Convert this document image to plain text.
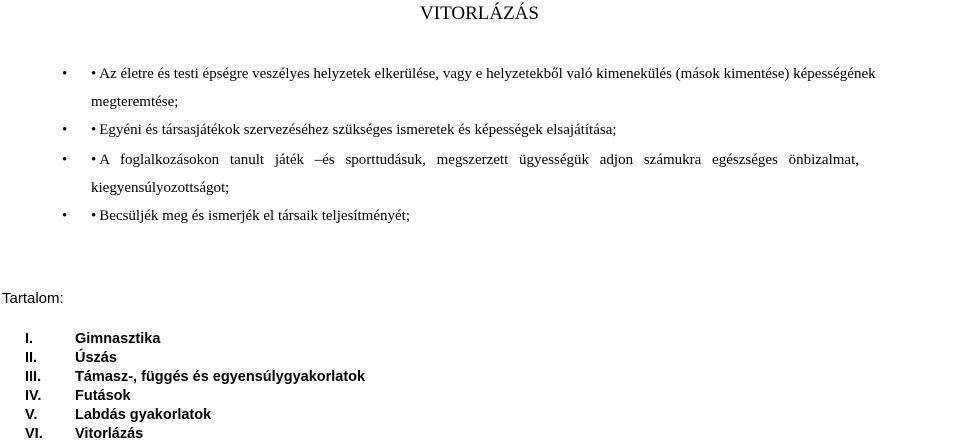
VITORLÁZÁS
• • Az életre és testi épségre veszélyes helyzetek elkerülése, vagy e helyzetekből való kimenekülés (mások kimentése) képességének
megteremtése;
• • Egyéni és társasjátékok szervezéséhez szükséges ismeretek és képességek elsajátítása;
• • A foglalkozásokon tanult játék –és sporttudásuk, megszerzett ügyességük adjon számukra egészséges önbizalmat,
kiegyensúlyozottságot;
• • Becsüljék meg és ismerjék el társaik teljesítményét;
Tartalom:
I.	Gimnasztika
II.	Úszás
III. Támasz-, függés és egyensúlygyakorlatok
IV. Futások
V.	Labdás gyakorlatok
VI. Vitorlázás
